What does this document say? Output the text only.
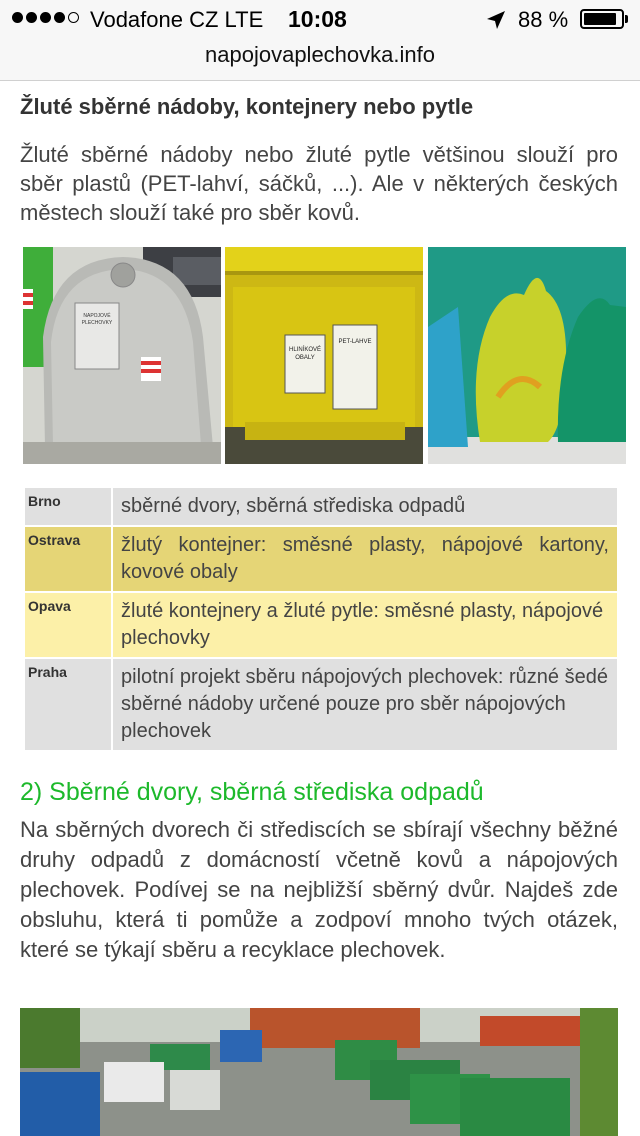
Vodafone CZ LTE 10:08	88 %
napojovaplechovka.info
Žluté sběrné nádoby, kontejnery nebo pytle

Žluté sběrné nádoby nebo žluté pytle většinou slouží pro sběr plastů (PET-lahví, sáčků, ...). Ale v některých českých městech slouží také pro sběr kovů.

NAPOJOVÉ
PLECHOVKY
HLINÍKOVÉ
OBALY
PET-LAHVE
Brno	sběrné dvory, sběrná střediska odpadů
Ostrava	žlutý kontejner: směsné plasty, nápojové kartony, kovové obaly
Opava	žluté kontejnery a žluté pytle: směsné plasty, nápojové plechovky
Praha	pilotní projekt sběru nápojových plechovek: různé šedé sběrné nádoby určené pouze pro sběr nápojových plechovek
2) Sběrné dvory, sběrná střediska odpadů

Na sběrných dvorech či střediscích se sbírají všechny běžné druhy odpadů z domácností včetně kovů a nápojových plechovek. Podívej se na nejbližší sběrný dvůr. Najdeš zde obsluhu, která ti pomůže a zodpoví mnoho tvých otázek, které se týkají sběru a recyklace plechovek.
